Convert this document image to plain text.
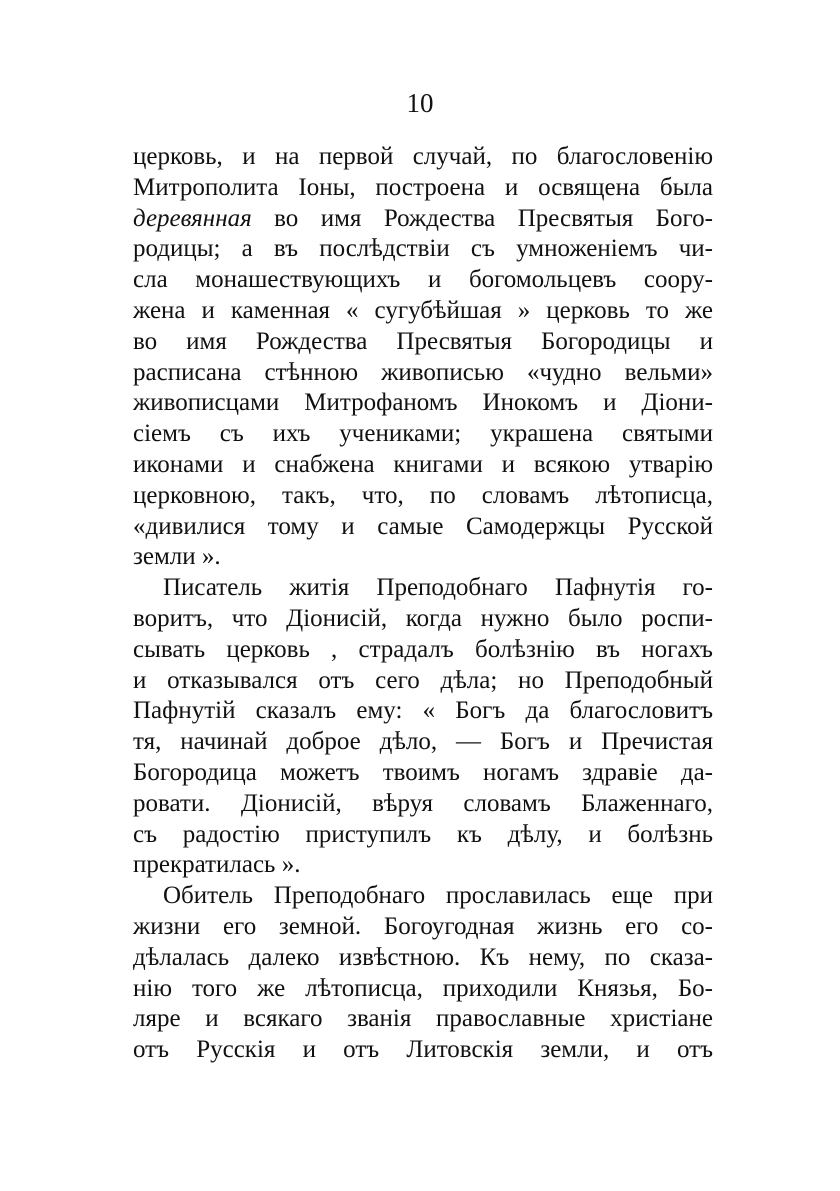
10
церковь, и на первой случай, по благословенію
Митрополита Іоны, построена и освящена была
деревянная во имя Рождества Пресвятыя Бого-
родицы; а въ послѣдствіи съ умноженіемъ чи-
сла монашествующихъ и богомольцевъ соору-
жена и каменная « сугубѣйшая » церковь то же
во имя Рождества Пресвятыя Богородицы и
расписана стѣнною живописью «чудно вельми»
живописцами Митрофаномъ Инокомъ и Діони-
сіемъ съ ихъ учениками; украшена святыми
иконами и снабжена книгами и всякою утварію
церковною, такъ, что, по словамъ лѣтописца,
«дивилися тому и самые Самодержцы Русской
земли ».
Писатель житія Преподобнаго Пафнутія го-
воритъ, что Діонисій, когда нужно было роспи-
сывать церковь , страдалъ болѣзнію въ ногахъ
и отказывался отъ сего дѣла; но Преподобный
Пафнутій сказалъ ему: « Богъ да благословитъ
тя, начинай доброе дѣло, — Богъ и Пречистая
Богородица можетъ твоимъ ногамъ здравіе да-
ровати. Діонисій, вѣруя словамъ Блаженнаго,
съ радостію приступилъ къ дѣлу, и болѣзнь
прекратилась ».
Обитель Преподобнаго прославилась еще при
жизни его земной. Богоугодная жизнь его со-
дѣлалась далеко извѣстною. Къ нему, по сказа-
нію того же лѣтописца, приходили Князья, Бо-
ляре и всякаго званія православные христіане
отъ Русскія и отъ Литовскія земли, и отъ
